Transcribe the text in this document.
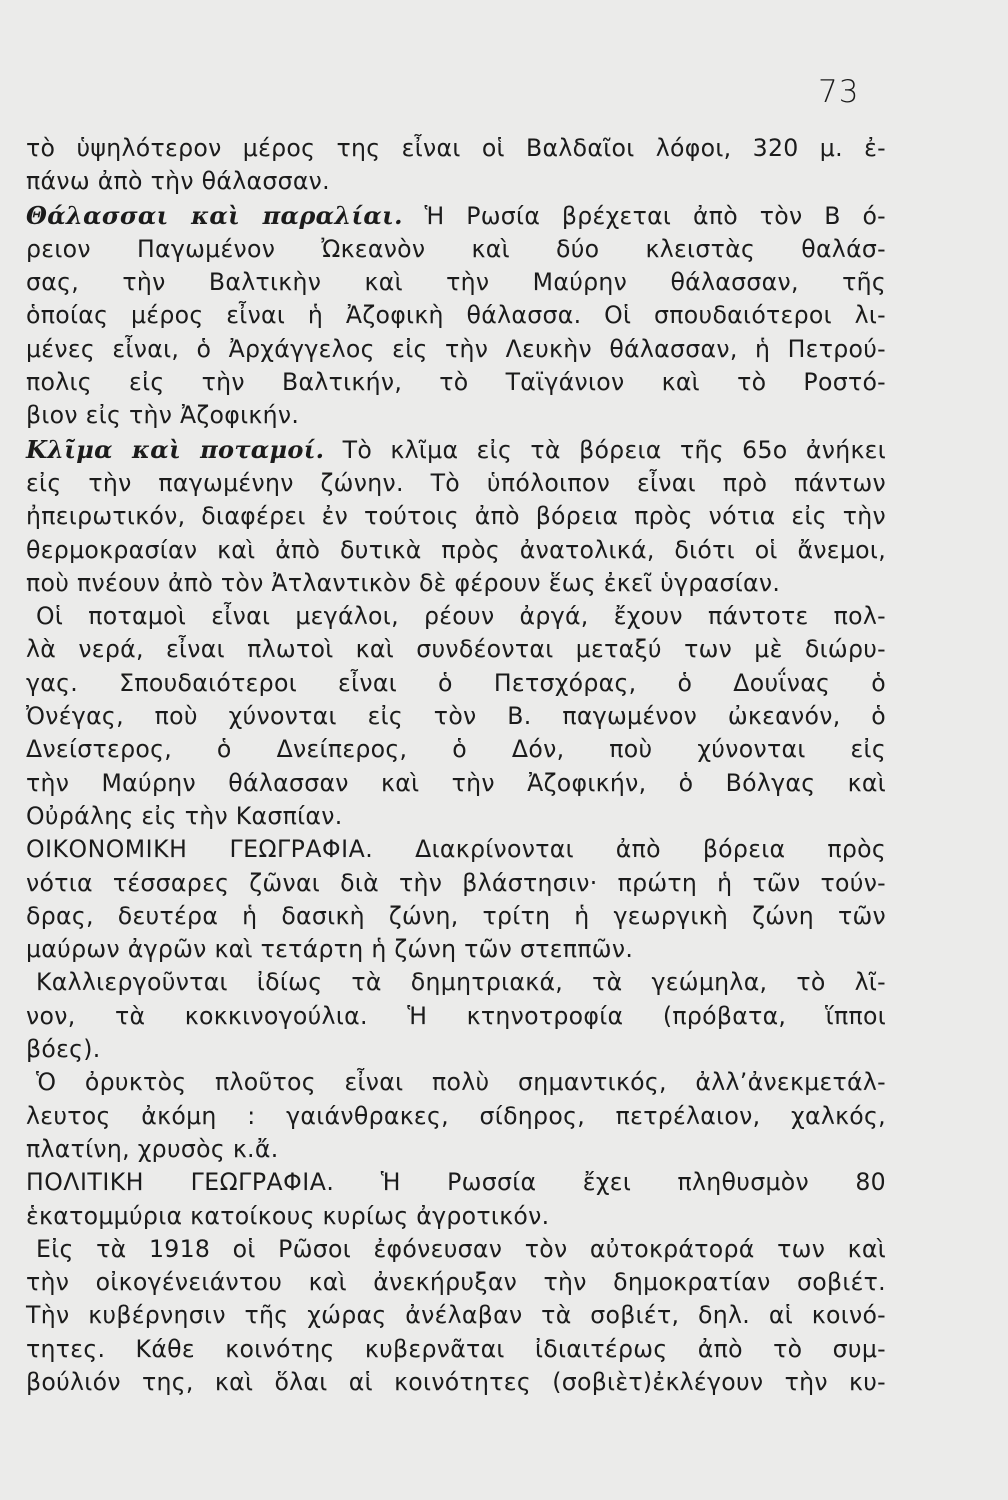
73
τὸ ὑψηλότερον μέρος της εἶναι οἱ Βαλδαῖοι λόφοι, 320 μ. ἐ-
πάνω ἀπὸ τὴν θάλασσαν.
Θάλασσαι καὶ παραλίαι. Ἡ Ρωσία βρέχεται ἀπὸ τὸν Β ό-
ρειον Παγωμένον Ὠκεανὸν καὶ δύο κλειστὰς θαλάσ-
σας, τὴν Βαλτικὴν καὶ τὴν Μαύρην θάλασσαν, τῆς
ὁποίας μέρος εἶναι ἡ Ἀζοφικὴ θάλασσα. Οἱ σπουδαιότεροι λι-
μένες εἶναι, ὁ Ἀρχάγγελος εἰς τὴν Λευκὴν θάλασσαν, ἡ Πετρού-
πολις εἰς τὴν Βαλτικήν, τὸ Ταϊγάνιον καὶ τὸ Ροστό-
βιον εἰς τὴν Ἀζοφικήν.
Κλῖμα καὶ ποταμοί. Τὸ κλῖμα εἰς τὰ βόρεια τῆς 65ο ἀνήκει
εἰς τὴν παγωμένην ζώνην. Τὸ ὑπόλοιπον εἶναι πρὸ πάντων
ἠπειρωτικόν, διαφέρει ἐν τούτοις ἀπὸ βόρεια πρὸς νότια εἰς τὴν
θερμοκρασίαν καὶ ἀπὸ δυτικὰ πρὸς ἀνατολικά, διότι οἱ ἄνεμοι,
ποὺ πνέουν ἀπὸ τὸν Ἀτλαντικὸν δὲ φέρουν ἕως ἐκεῖ ὑγρασίαν.
Οἱ ποταμοὶ εἶναι μεγάλοι, ρέουν ἀργά, ἔχουν πάντοτε πολ-
λὰ νερά, εἶναι πλωτοὶ καὶ συνδέονται μεταξύ των μὲ διώρυ-
γας. Σπουδαιότεροι εἶναι ὁ Πετσχόρας, ὁ Δουΐνας ὁ
Ὀνέγας, ποὺ χύνονται εἰς τὸν Β. παγωμένον ὠκεανόν, ὁ
Δνείστερος, ὁ Δνείπερος, ὁ Δόν, ποὺ χύνονται εἰς
τὴν Μαύρην θάλασσαν καὶ τὴν Ἀζοφικήν, ὁ Βόλγας καὶ
Οὐράλης εἰς τὴν Κασπίαν.
ΟΙΚΟΝΟΜΙΚΗ ΓΕΩΓΡΑΦΙΑ. Διακρίνονται ἀπὸ βόρεια πρὸς
νότια τέσσαρες ζῶναι διὰ τὴν βλάστησιν· πρώτη ἡ τῶν τούν-
δρας, δευτέρα ἡ δασικὴ ζώνη, τρίτη ἡ γεωργικὴ ζώνη τῶν
μαύρων ἀγρῶν καὶ τετάρτη ἡ ζώνη τῶν στεππῶν.
Καλλιεργοῦνται ἰδίως τὰ δημητριακά, τὰ γεώμηλα, τὸ λῖ-
νον, τὰ κοκκινογούλια. Ἡ κτηνοτροφία (πρόβατα, ἵπποι
βόες).
Ὁ ὀρυκτὸς πλοῦτος εἶναι πολὺ σημαντικός, ἀλλ’ἀνεκμετάλ-
λευτος ἀκόμη : γαιάνθρακες, σίδηρος, πετρέλαιον, χαλκός,
πλατίνη, χρυσὸς κ.ἄ.
ΠΟΛΙΤΙΚΗ ΓΕΩΓΡΑΦΙΑ. Ἡ Ρωσσία ἔχει πληθυσμὸν 80
ἑκατομμύρια κατοίκους κυρίως ἀγροτικόν.
Εἰς τὰ 1918 οἱ Ρῶσοι ἐφόνευσαν τὸν αὐτοκράτορά των καὶ
τὴν οἰκογένειάντου καὶ ἀνεκήρυξαν τὴν δημοκρατίαν σοβιέτ.
Τὴν κυβέρνησιν τῆς χώρας ἀνέλαβαν τὰ σοβιέτ, δηλ. αἱ κοινό-
τητες. Κάθε κοινότης κυβερνᾶται ἰδιαιτέρως ἀπὸ τὸ συμ-
βούλιόν της, καὶ ὅλαι αἱ κοινότητες (σοβιὲτ)ἐκλέγουν τὴν κυ-
